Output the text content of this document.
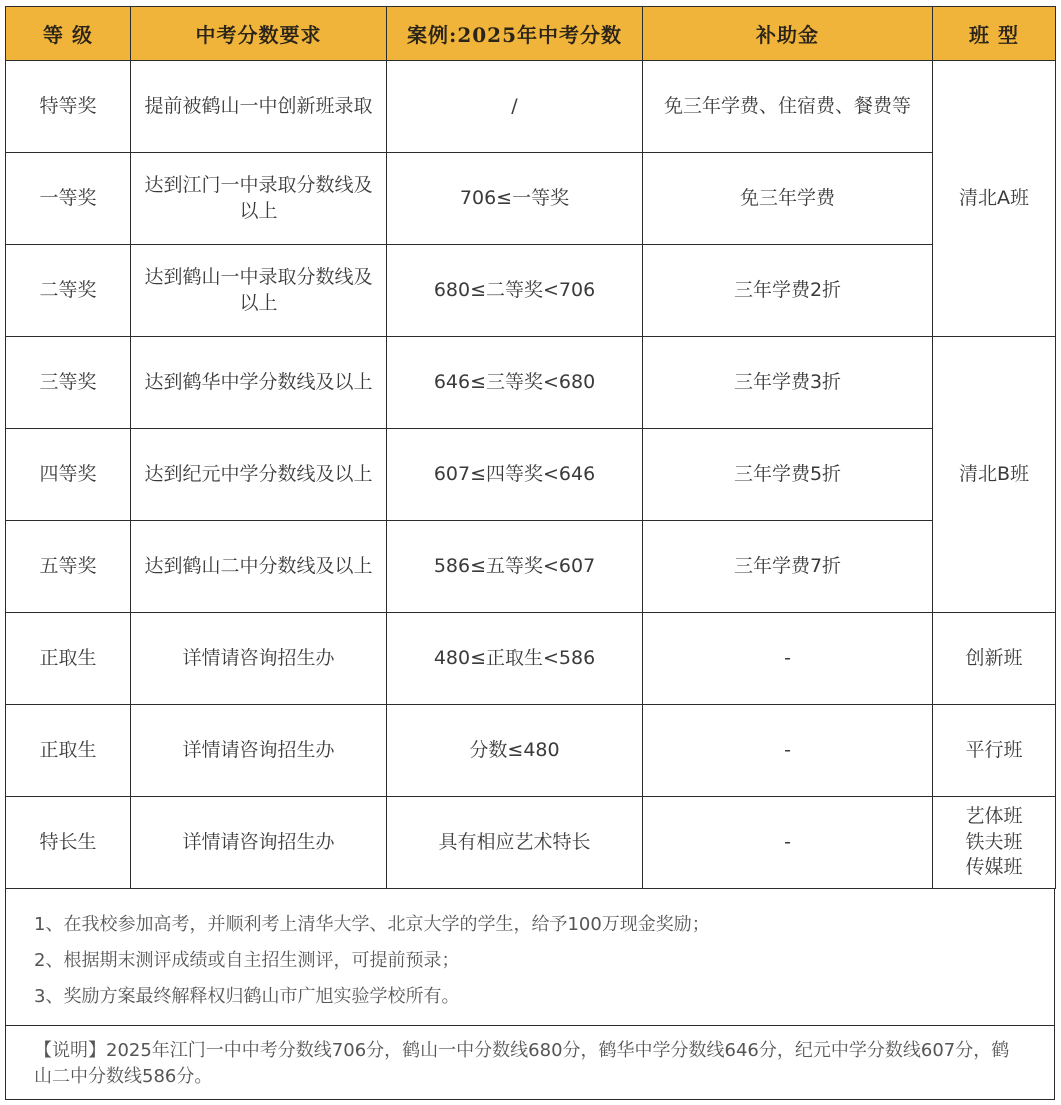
等 级	中考分数要求	案例:2025年中考分数	补助金	班 型
特等奖	提前被鹤山一中创新班录取	/	免三年学费、住宿费、餐费等	清北A班
一等奖	达到江门一中录取分数线及以上	706≤一等奖	免三年学费	
二等奖	达到鹤山一中录取分数线及以上	680≤二等奖<706	三年学费2折	
三等奖	达到鹤华中学分数线及以上	646≤三等奖<680	三年学费3折	清北B班
四等奖	达到纪元中学分数线及以上	607≤四等奖<646	三年学费5折	
五等奖	达到鹤山二中分数线及以上	586≤五等奖<607	三年学费7折	
正取生	详情请咨询招生办	480≤正取生<586	-	创新班
正取生	详情请咨询招生办	分数≤480	-	平行班
特长生	详情请咨询招生办	具有相应艺术特长	-	艺体班
铁夫班
传媒班
1、在我校参加高考，并顺利考上清华大学、北京大学的学生，给予100万现金奖励；
2、根据期末测评成绩或自主招生测评，可提前预录；
3、奖励方案最终解释权归鹤山市广旭实验学校所有。
【说明】2025年江门一中中考分数线706分，鹤山一中分数线680分，鹤华中学分数线646分，纪元中学分数线607分，鹤山二中分数线586分。
